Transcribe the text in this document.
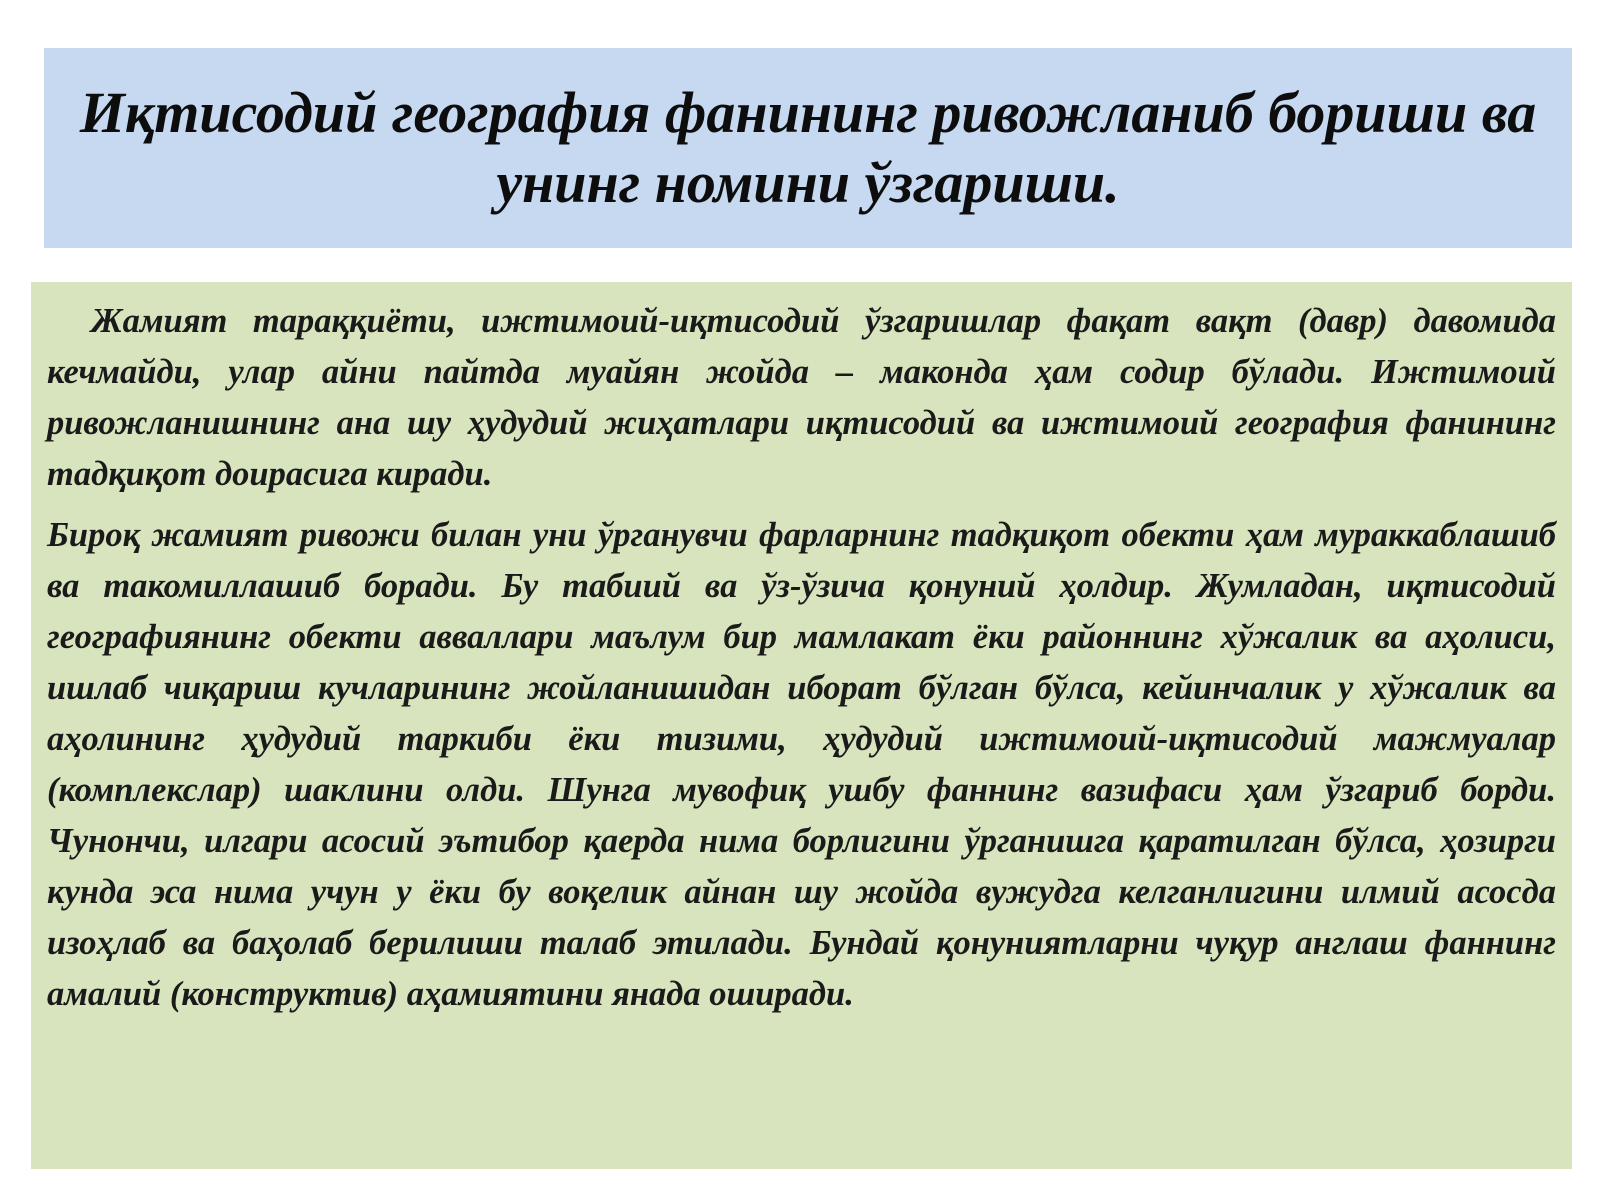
Иқтисодий география фанининг ривожланиб бориши ва унинг номини ўзгариши.

Жамият тараққиёти, ижтимоий-иқтисодий ўзгаришлар фақат вақт (давр) давомида кечмайди, улар айни пайтда муайян жойда – маконда ҳам содир бўлади. Ижтимоий ривожланишнинг ана шу ҳудудий жиҳатлари иқтисодий ва ижтимоий география фанининг тадқиқот доирасига киради.

Бироқ жамият ривожи билан уни ўрганувчи фарларнинг тадқиқот обекти ҳам мураккаблашиб ва такомиллашиб боради. Бу табиий ва ўз-ўзича қонуний ҳолдир. Жумладан, иқтисодий географиянинг обекти авваллари маълум бир мамлакат ёки районнинг хўжалик ва аҳолиси, ишлаб чиқариш кучларининг жойланишидан иборат бўлган бўлса, кейинчалик у хўжалик ва аҳолининг ҳудудий таркиби ёки тизими, ҳудудий ижтимоий-иқтисодий мажмуалар (комплекслар) шаклини олди. Шунга мувофиқ ушбу фаннинг вазифаси ҳам ўзгариб борди. Чунончи, илгари асосий эътибор қаерда нима борлигини ўрганишга қаратилган бўлса, ҳозирги кунда эса нима учун у ёки бу воқелик айнан шу жойда вужудга келганлигини илмий асосда изоҳлаб ва баҳолаб берилиши талаб этилади. Бундай қонуниятларни чуқур англаш фаннинг амалий (конструктив) аҳамиятини янада оширади.
